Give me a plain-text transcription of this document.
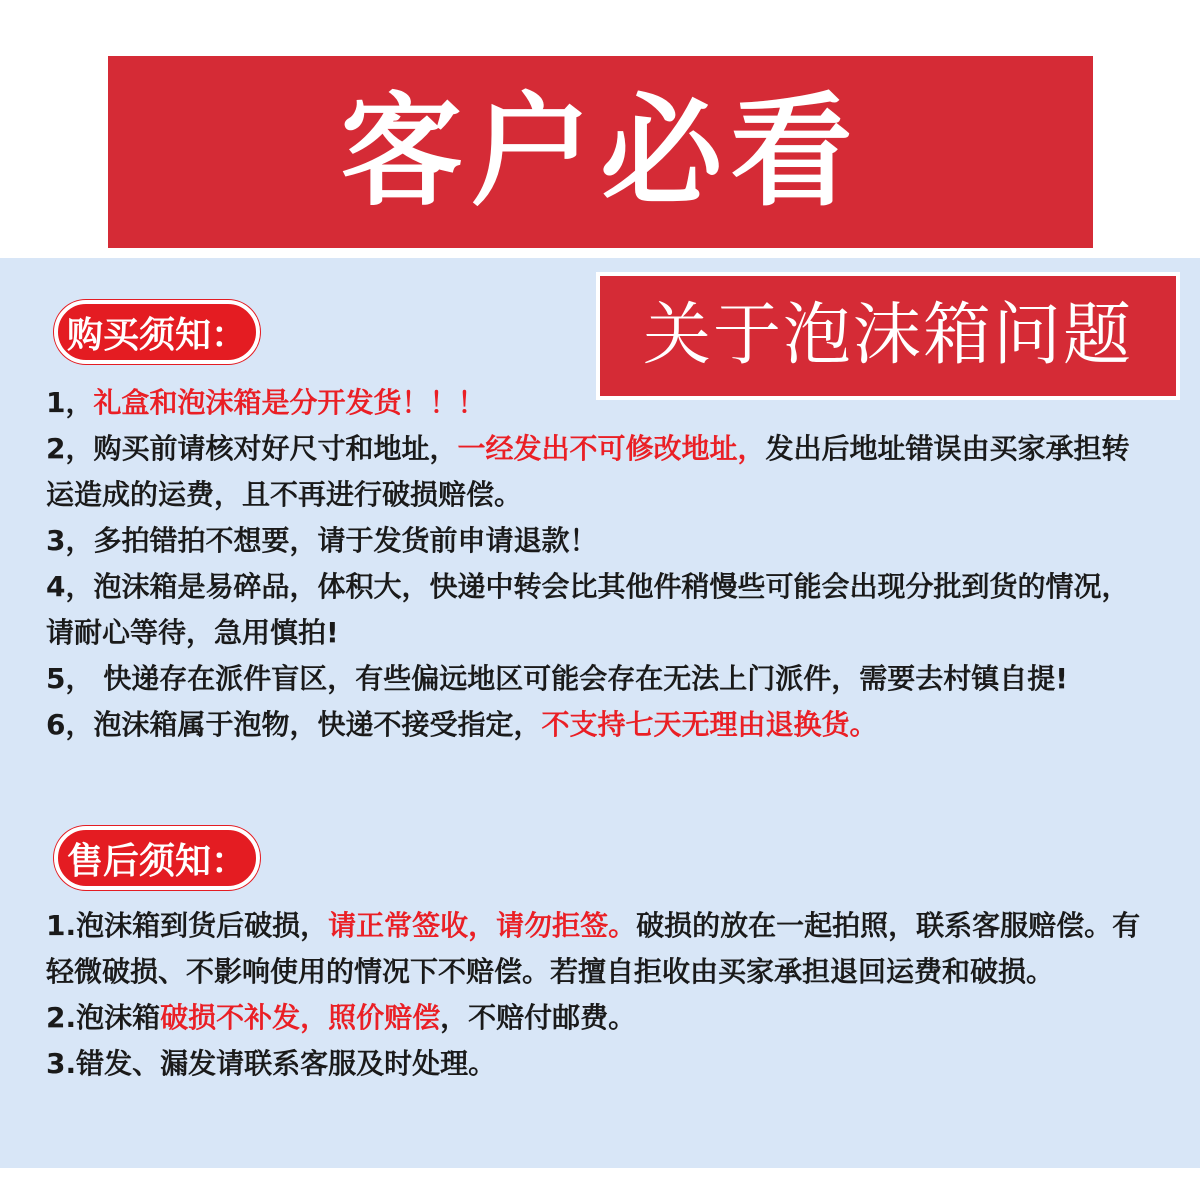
客户必看
关于泡沫箱问题
购买须知：
1，礼盒和泡沫箱是分开发货！！！
2，购买前请核对好尺寸和地址，一经发出不可修改地址，发出后地址错误由买家承担转运造成的运费，且不再进行破损赔偿。
3，多拍错拍不想要，请于发货前申请退款！
4，泡沫箱是易碎品，体积大，快递中转会比其他件稍慢些可能会出现分批到货的情况，请耐心等待，急用慎拍!
5， 快递存在派件盲区，有些偏远地区可能会存在无法上门派件，需要去村镇自提!
6，泡沫箱属于泡物，快递不接受指定，不支持七天无理由退换货。
售后须知：
1.泡沫箱到货后破损，请正常签收，请勿拒签。破损的放在一起拍照，联系客服赔偿。有轻微破损、不影响使用的情况下不赔偿。若擅自拒收由买家承担退回运费和破损。
2.泡沫箱破损不补发，照价赔偿，不赔付邮费。
3.错发、漏发请联系客服及时处理。
